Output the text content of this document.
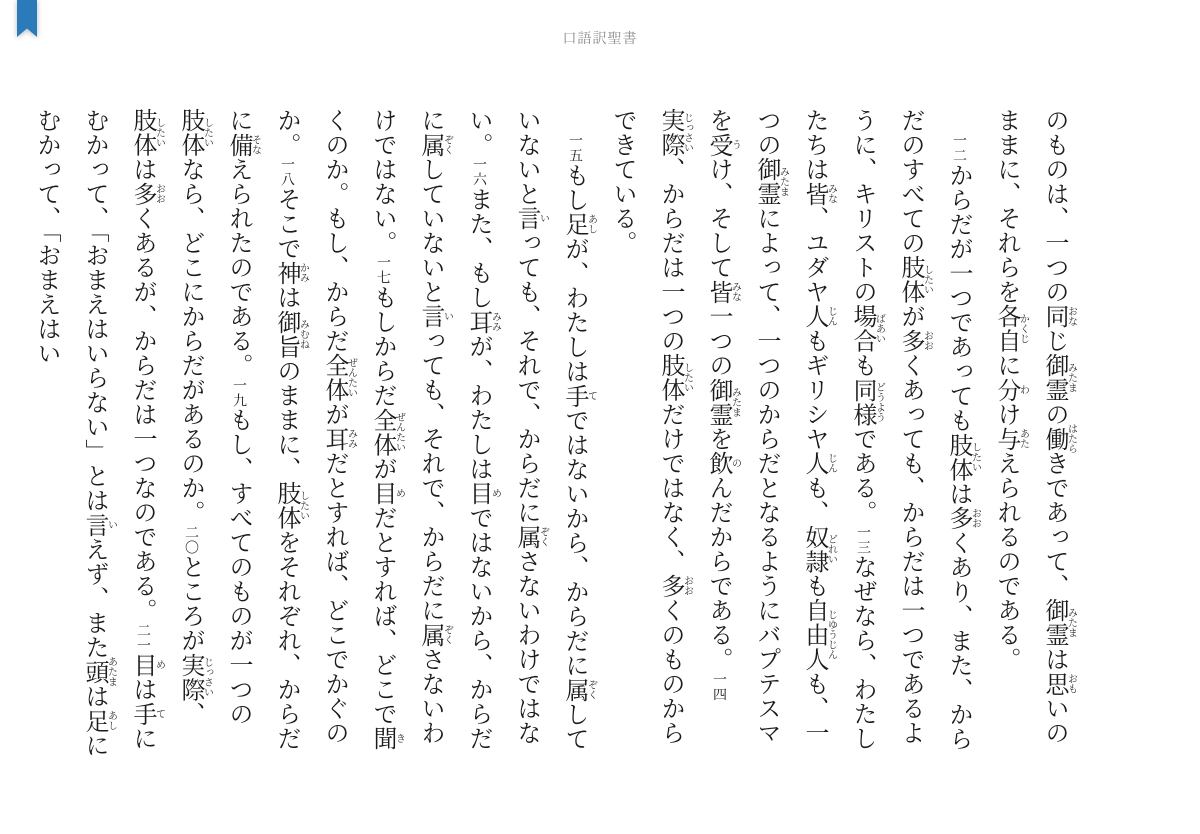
口語訳聖書

のものは、一つの同おなじ御霊みたまの働はたらきであって、御霊みたまは思おもいのままに、それらを各自かくじに分わけ与あたえられるのである。

一二からだが一つであっても肢体したいは多おおくあり、また、からだのすべての肢体したいが多おおくあっても、からだは一つであるように、キリストの場合ばあいも同様どうようである。一三なぜなら、わたしたちは皆みな、ユダヤ人じんもギリシヤ人じんも、奴隷どれいも自由人じゆうじんも、一つの御霊みたまによって、一つのからだとなるようにバプテスマを受うけ、そして皆みな一つの御霊みたまを飲のんだからである。一四実際じっさい、からだは一つの肢体したいだけではなく、多おおくのものからできている。

一五もし足あしが、わたしは手てではないから、からだに属ぞくしていないと言いっても、それで、からだに属ぞくさないわけではない。一六また、もし耳みみが、わたしは目めではないから、からだに属ぞくしていないと言いっても、それで、からだに属ぞくさないわけではない。一七もしからだ全体ぜんたいが目めだとすれば、どこで聞きくのか。もし、からだ全体ぜんたいが耳みみだとすれば、どこでかぐのか。一八そこで神かみは御旨みむねのままに、肢体したいをそれぞれ、からだに備そなえられたのである。一九もし、すべてのものが一つの肢体したいなら、どこにからだがあるのか。二〇ところが実際じっさい、肢体したいは多おおくあるが、からだは一つなのである。二一目めは手てにむかって、「おまえはいらない」とは言いえず、また頭あたまは足あしにむかって、「おまえはい
